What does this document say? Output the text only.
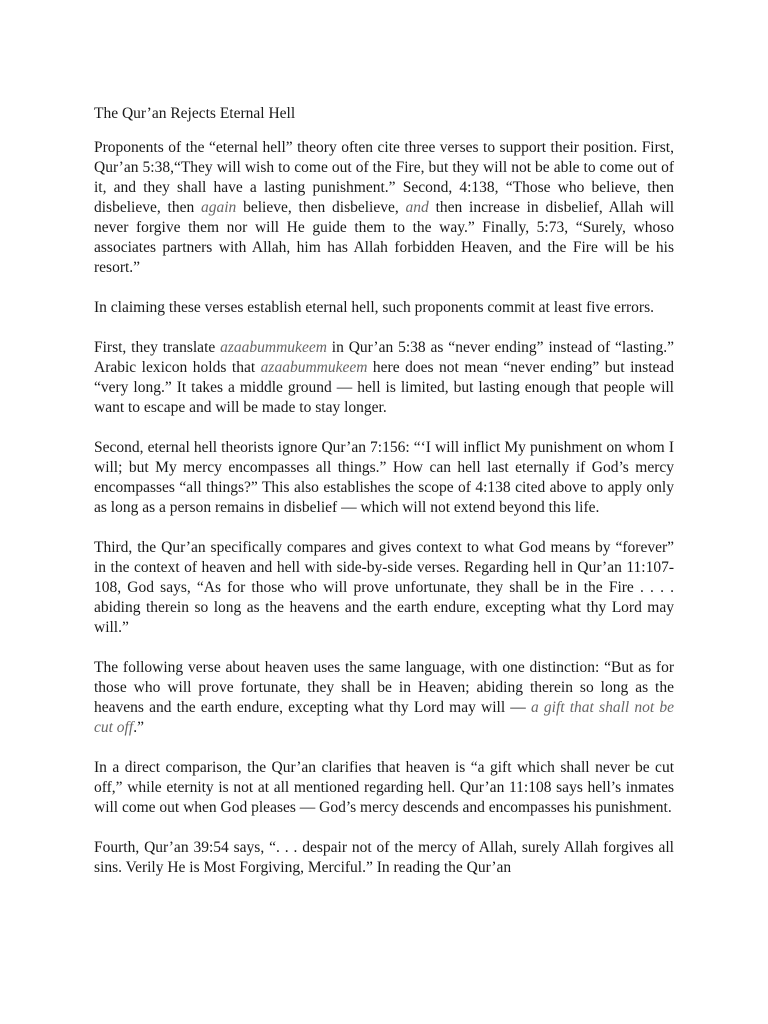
The Qur’an Rejects Eternal Hell

Proponents of the “eternal hell” theory often cite three verses to support their position. First, Qur’an 5:38,“They will wish to come out of the Fire, but they will not be able to come out of it, and they shall have a lasting punishment.” Second, 4:138, “Those who believe, then disbelieve, then again believe, then disbelieve, and then increase in disbelief, Allah will never forgive them nor will He guide them to the way.” Finally, 5:73, “Surely, whoso associates partners with Allah, him has Allah forbidden Heaven, and the Fire will be his resort.”

In claiming these verses establish eternal hell, such proponents commit at least five errors.

First, they translate azaabummukeem in Qur’an 5:38 as “never ending” instead of “lasting.” Arabic lexicon holds that azaabummukeem here does not mean “never ending” but instead “very long.” It takes a middle ground — hell is limited, but lasting enough that people will want to escape and will be made to stay longer.

Second, eternal hell theorists ignore Qur’an 7:156: “‘I will inflict My punishment on whom I will; but My mercy encompasses all things.” How can hell last eternally if God’s mercy encompasses “all things?” This also establishes the scope of 4:138 cited above to apply only as long as a person remains in disbelief — which will not extend beyond this life.

Third, the Qur’an specifically compares and gives context to what God means by “forever” in the context of heaven and hell with side-by-side verses. Regarding hell in Qur’an 11:107-108, God says, “As for those who will prove unfortunate, they shall be in the Fire . . . . abiding therein so long as the heavens and the earth endure, excepting what thy Lord may will.”

The following verse about heaven uses the same language, with one distinction: “But as for those who will prove fortunate, they shall be in Heaven; abiding therein so long as the heavens and the earth endure, excepting what thy Lord may will — a gift that shall not be cut off.”

In a direct comparison, the Qur’an clarifies that heaven is “a gift which shall never be cut off,” while eternity is not at all mentioned regarding hell. Qur’an 11:108 says hell’s inmates will come out when God pleases — God’s mercy descends and encompasses his punishment.

Fourth, Qur’an 39:54 says, “. . . despair not of the mercy of Allah, surely Allah forgives all sins. Verily He is Most Forgiving, Merciful.” In reading the Qur’an
